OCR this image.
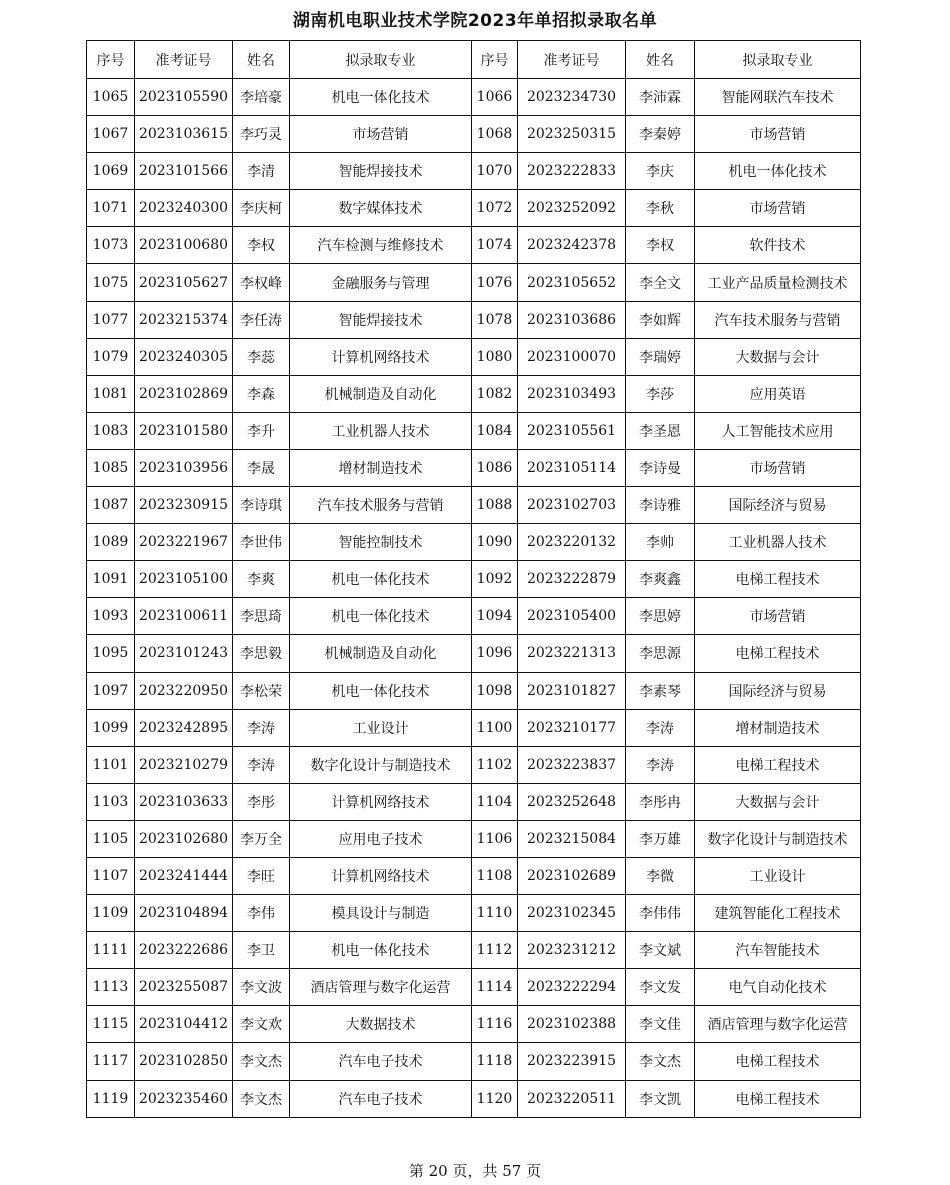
湖南机电职业技术学院2023年单招拟录取名单
序号	准考证号	姓名	拟录取专业	序号	准考证号	姓名	拟录取专业
1065	2023105590	李培豪	机电一体化技术	1066	2023234730	李沛霖	智能网联汽车技术
1067	2023103615	李巧灵	市场营销	1068	2023250315	李秦婷	市场营销
1069	2023101566	李清	智能焊接技术	1070	2023222833	李庆	机电一体化技术
1071	2023240300	李庆柯	数字媒体技术	1072	2023252092	李秋	市场营销
1073	2023100680	李权	汽车检测与维修技术	1074	2023242378	李权	软件技术
1075	2023105627	李权峰	金融服务与管理	1076	2023105652	李全文	工业产品质量检测技术
1077	2023215374	李任涛	智能焊接技术	1078	2023103686	李如辉	汽车技术服务与营销
1079	2023240305	李蕊	计算机网络技术	1080	2023100070	李瑞婷	大数据与会计
1081	2023102869	李森	机械制造及自动化	1082	2023103493	李莎	应用英语
1083	2023101580	李升	工业机器人技术	1084	2023105561	李圣恩	人工智能技术应用
1085	2023103956	李晟	增材制造技术	1086	2023105114	李诗曼	市场营销
1087	2023230915	李诗琪	汽车技术服务与营销	1088	2023102703	李诗雅	国际经济与贸易
1089	2023221967	李世伟	智能控制技术	1090	2023220132	李帅	工业机器人技术
1091	2023105100	李爽	机电一体化技术	1092	2023222879	李爽鑫	电梯工程技术
1093	2023100611	李思琦	机电一体化技术	1094	2023105400	李思婷	市场营销
1095	2023101243	李思毅	机械制造及自动化	1096	2023221313	李思源	电梯工程技术
1097	2023220950	李松荣	机电一体化技术	1098	2023101827	李素琴	国际经济与贸易
1099	2023242895	李涛	工业设计	1100	2023210177	李涛	增材制造技术
1101	2023210279	李涛	数字化设计与制造技术	1102	2023223837	李涛	电梯工程技术
1103	2023103633	李彤	计算机网络技术	1104	2023252648	李彤冉	大数据与会计
1105	2023102680	李万全	应用电子技术	1106	2023215084	李万雄	数字化设计与制造技术
1107	2023241444	李旺	计算机网络技术	1108	2023102689	李微	工业设计
1109	2023104894	李伟	模具设计与制造	1110	2023102345	李伟伟	建筑智能化工程技术
1111	2023222686	李卫	机电一体化技术	1112	2023231212	李文斌	汽车智能技术
1113	2023255087	李文波	酒店管理与数字化运营	1114	2023222294	李文发	电气自动化技术
1115	2023104412	李文欢	大数据技术	1116	2023102388	李文佳	酒店管理与数字化运营
1117	2023102850	李文杰	汽车电子技术	1118	2023223915	李文杰	电梯工程技术
1119	2023235460	李文杰	汽车电子技术	1120	2023220511	李文凯	电梯工程技术
第 20 页，共 57 页
